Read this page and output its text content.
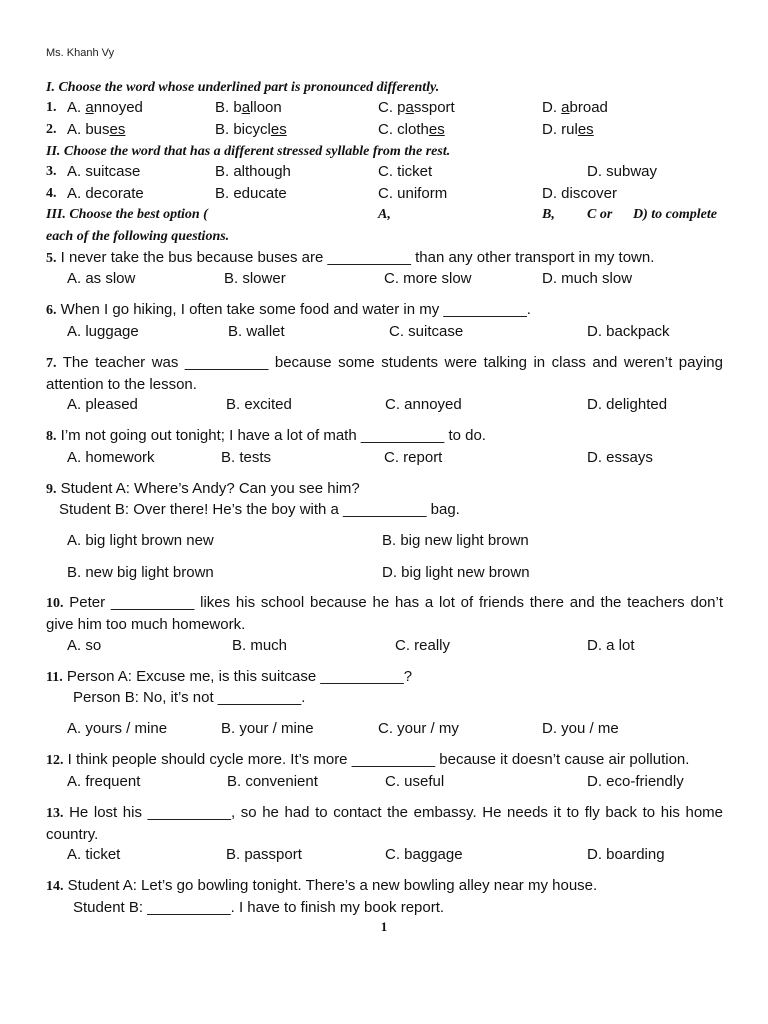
Ms. Khanh Vy
I. Choose the word whose underlined part is pronounced differently.
1. A. annoyed	B. balloon	C. passport	D. abroad
2. A. buses	B. bicycles	C. clothes	D. rules
II. Choose the word that has a different stressed syllable from the rest.
3. A. suitcase	B. although	C. ticket	D. subway
4. A. decorate	B. educate	C. uniform	D. discover
III. Choose the best option (	A,	B, C or D) to complete
each of the following questions.
5. I never take the bus because buses are __________ than any other transport in my town.
A. as slow	B. slower	C. more slow	D. much slow
6. When I go hiking, I often take some food and water in my __________.
A. luggage	B. wallet	C. suitcase	D. backpack
7. The teacher was __________ because some students were talking in class and weren’t paying attention to the lesson.
A. pleased	B. excited	C. annoyed	D. delighted
8. I’m not going out tonight; I have a lot of math __________ to do.
A. homework	B. tests	C. report	D. essays
9. Student A: Where’s Andy? Can you see him?
Student B: Over there! He’s the boy with a __________ bag.
A. big light brown new	B. big new light brown
B. new big light brown	D. big light new brown
10. Peter __________ likes his school because he has a lot of friends there and the teachers don’t give him too much homework.
A. so	B. much	C. really	D. a lot
11. Person A: Excuse me, is this suitcase __________?
Person B: No, it’s not __________.
A. yours / mine	B. your / mine	C. your / my	D. you / me
12. I think people should cycle more. It’s more __________ because it doesn’t cause air pollution.
A. frequent	B. convenient	C. useful	D. eco-friendly
13. He lost his __________, so he had to contact the embassy. He needs it to fly back to his home country.
A. ticket	B. passport	C. baggage	D. boarding
14. Student A: Let’s go bowling tonight. There’s a new bowling alley near my house.
Student B: __________. I have to finish my book report.
1
